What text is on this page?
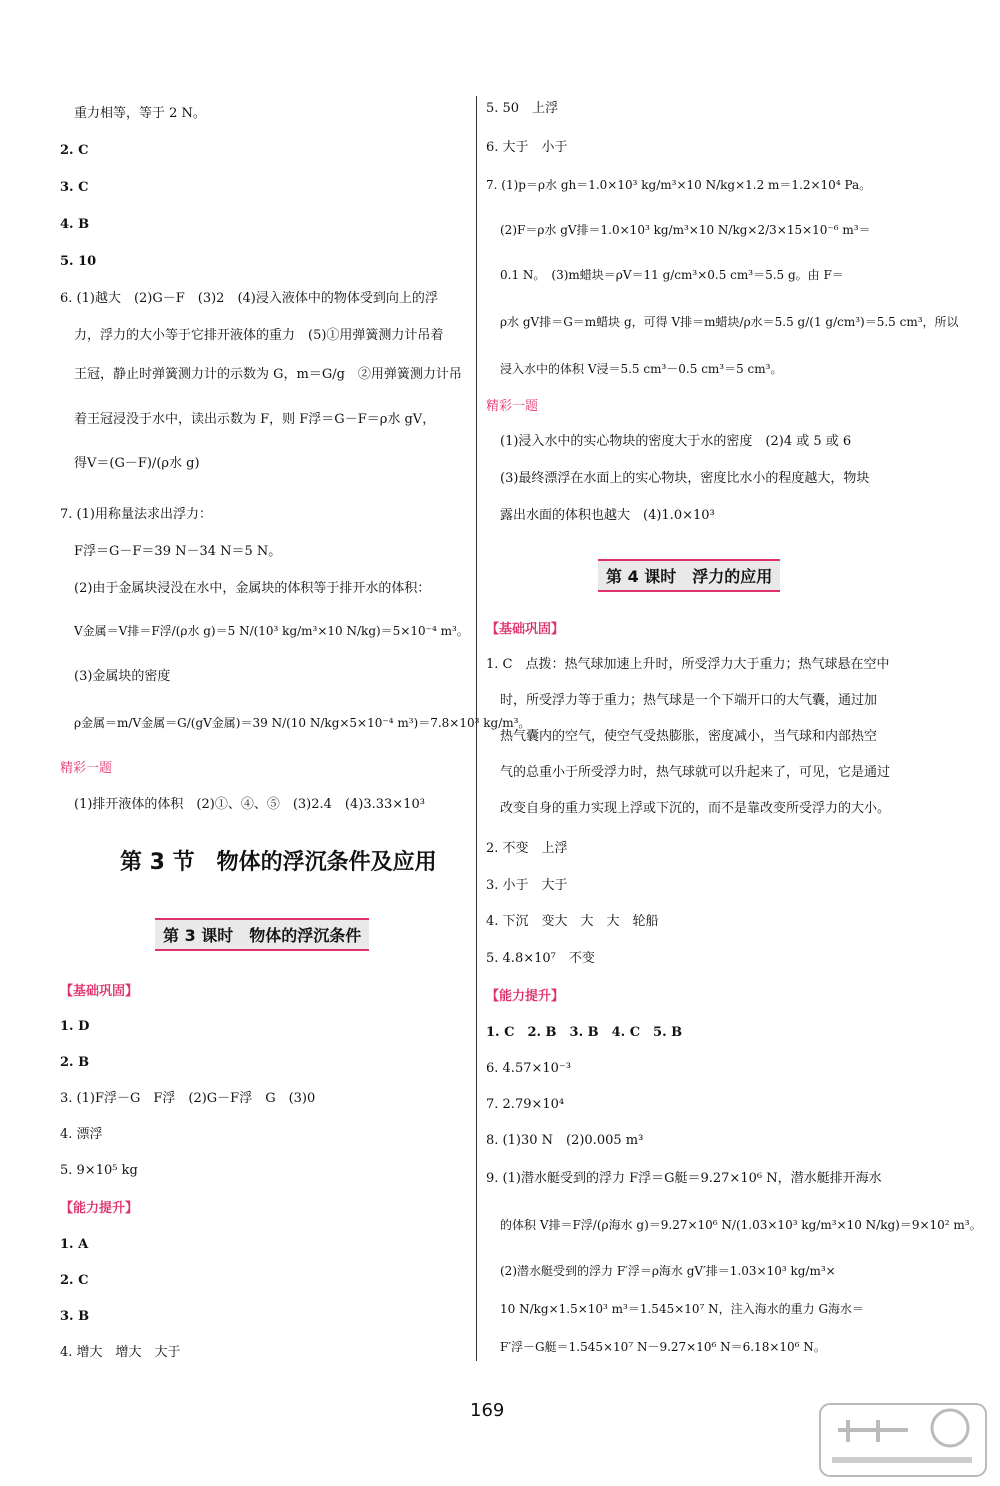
重力相等，等于 2 N。
2. C
3. C
4. B
5. 10
6. (1)越大　(2)G－F　(3)2　(4)浸入液体中的物体受到向上的浮
力，浮力的大小等于它排开液体的重力　(5)①用弹簧测力计吊着
王冠，静止时弹簧测力计的示数为 G，m＝G/g　②用弹簧测力计吊
着王冠浸没于水中，读出示数为 F，则 F浮＝G－F＝ρ水 gV，
得V＝(G－F)/(ρ水 g)
7. (1)用称量法求出浮力：
F浮＝G－F＝39 N－34 N＝5 N。
(2)由于金属块浸没在水中，金属块的体积等于排开水的体积：
V金属＝V排＝F浮/(ρ水 g)＝5 N/(10³ kg/m³×10 N/kg)＝5×10⁻⁴ m³。
(3)金属块的密度
ρ金属＝m/V金属＝G/(gV金属)＝39 N/(10 N/kg×5×10⁻⁴ m³)＝7.8×10³ kg/m³。
精彩一题
(1)排开液体的体积　(2)①、④、⑤　(3)2.4　(4)3.33×10³
【基础巩固】
1. D
2. B
3. (1)F浮－G　F浮　(2)G－F浮　G　(3)0
4. 漂浮
5. 9×10⁵ kg
【能力提升】
1. A
2. C
3. B
4. 增大　增大　大于
第 3 节　物体的浮沉条件及应用
第 3 课时　物体的浮沉条件
5. 50　上浮
6. 大于　小于
7. (1)p＝ρ水 gh＝1.0×10³ kg/m³×10 N/kg×1.2 m＝1.2×10⁴ Pa。
(2)F＝ρ水 gV排＝1.0×10³ kg/m³×10 N/kg×2/3×15×10⁻⁶ m³＝
0.1 N。　(3)m蜡块＝ρV＝11 g/cm³×0.5 cm³＝5.5 g。由 F＝
ρ水 gV排＝G＝m蜡块 g，可得 V排＝m蜡块/ρ水＝5.5 g/(1 g/cm³)＝5.5 cm³，所以
浸入水中的体积 V浸＝5.5 cm³－0.5 cm³＝5 cm³。
精彩一题
(1)浸入水中的实心物块的密度大于水的密度　(2)4 或 5 或 6
(3)最终漂浮在水面上的实心物块，密度比水小的程度越大，物块
露出水面的体积也越大　(4)1.0×10³
【基础巩固】
1. C　点拨：热气球加速上升时，所受浮力大于重力；热气球悬在空中
时，所受浮力等于重力；热气球是一个下端开口的大气囊，通过加
热气囊内的空气，使空气受热膨胀，密度减小，当气球和内部热空
气的总重小于所受浮力时，热气球就可以升起来了，可见，它是通过
改变自身的重力实现上浮或下沉的，而不是靠改变所受浮力的大小。
2. 不变　上浮
3. 小于　大于
4. 下沉　变大　大　大　轮船
5. 4.8×10⁷　不变
【能力提升】
1. C　2. B　3. B　4. C　5. B
6. 4.57×10⁻³
7. 2.79×10⁴
8. (1)30 N　(2)0.005 m³
9. (1)潜水艇受到的浮力 F浮＝G艇＝9.27×10⁶ N，潜水艇排开海水
的体积 V排＝F浮/(ρ海水 g)＝9.27×10⁶ N/(1.03×10³ kg/m³×10 N/kg)＝9×10² m³。
(2)潜水艇受到的浮力 F′浮＝ρ海水 gV′排＝1.03×10³ kg/m³×
10 N/kg×1.5×10³ m³＝1.545×10⁷ N，注入海水的重力 G海水＝
F′浮－G艇＝1.545×10⁷ N－9.27×10⁶ N＝6.18×10⁶ N。
第 4 课时　浮力的应用
169
